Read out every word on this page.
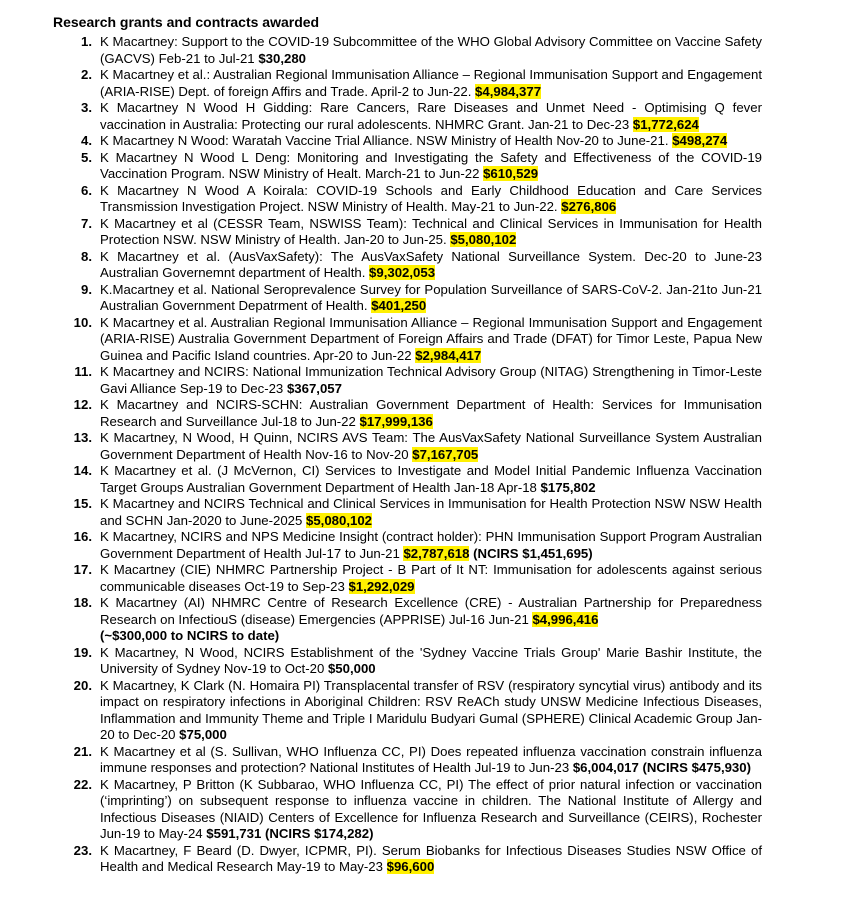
Research grants and contracts awarded
1. K Macartney: Support to the COVID-19 Subcommittee of the WHO Global Advisory Committee on Vaccine Safety (GACVS) Feb-21 to Jul-21 $30,280
2. K Macartney et al.: Australian Regional Immunisation Alliance – Regional Immunisation Support and Engagement (ARIA-RISE) Dept. of foreign Affirs and Trade. April-2 to Jun-22. $4,984,377
3. K Macartney N Wood H Gidding: Rare Cancers, Rare Diseases and Unmet Need - Optimising Q fever vaccination in Australia: Protecting our rural adolescents. NHMRC Grant. Jan-21 to Dec-23 $1,772,624
4. K Macartney N Wood: Waratah Vaccine Trial Alliance. NSW Ministry of Health Nov-20 to June-21. $498,274
5. K Macartney N Wood L Deng: Monitoring and Investigating the Safety and Effectiveness of the COVID-19 Vaccination Program. NSW Ministry of Healt. March-21 to Jun-22 $610,529
6. K Macartney N Wood A Koirala: COVID-19 Schools and Early Childhood Education and Care Services Transmission Investigation Project. NSW Ministry of Health. May-21 to Jun-22. $276,806
7. K Macartney et al (CESSR Team, NSWISS Team): Technical and Clinical Services in Immunisation for Health Protection NSW. NSW Ministry of Health. Jan-20 to Jun-25. $5,080,102
8. K Macartney et al. (AusVaxSafety): The AusVaxSafety National Surveillance System. Dec-20 to June-23 Australian Governemnt department of Health. $9,302,053
9. K.Macartney et al. National Seroprevalence Survey for Population Surveillance of SARS-CoV-2. Jan-21to Jun-21 Australian Government Depatrment of Health. $401,250
10. K Macartney et al. Australian Regional Immunisation Alliance – Regional Immunisation Support and Engagement (ARIA-RISE) Australia Government Department of Foreign Affairs and Trade (DFAT) for Timor Leste, Papua New Guinea and Pacific Island countries. Apr-20 to Jun-22 $2,984,417
11. K Macartney and NCIRS: National Immunization Technical Advisory Group (NITAG) Strengthening in Timor-Leste Gavi Alliance Sep-19 to Dec-23 $367,057
12. K Macartney and NCIRS-SCHN: Australian Government Department of Health: Services for Immunisation Research and Surveillance Jul-18 to Jun-22 $17,999,136
13. K Macartney, N Wood, H Quinn, NCIRS AVS Team: The AusVaxSafety National Surveillance System Australian Government Department of Health Nov-16 to Nov-20 $7,167,705
14. K Macartney et al. (J McVernon, CI) Services to Investigate and Model Initial Pandemic Influenza Vaccination Target Groups Australian Government Department of Health Jan-18 Apr-18 $175,802
15. K Macartney and NCIRS Technical and Clinical Services in Immunisation for Health Protection NSW NSW Health and SCHN Jan-2020 to June-2025 $5,080,102
16. K Macartney, NCIRS and NPS Medicine Insight (contract holder): PHN Immunisation Support Program Australian Government Department of Health Jul-17 to Jun-21 $2,787,618 (NCIRS $1,451,695)
17. K Macartney (CIE) NHMRC Partnership Project - B Part of It NT: Immunisation for adolescents against serious communicable diseases Oct-19 to Sep-23 $1,292,029
18. K Macartney (AI) NHMRC Centre of Research Excellence (CRE) - Australian Partnership for Preparedness Research on InfectiouS (disease) Emergencies (APPRISE) Jul-16 Jun-21 $4,996,416
(~$300,000 to NCIRS to date)
19. K Macartney, N Wood, NCIRS Establishment of the 'Sydney Vaccine Trials Group' Marie Bashir Institute, the University of Sydney Nov-19 to Oct-20 $50,000
20. K Macartney, K Clark (N. Homaira PI) Transplacental transfer of RSV (respiratory syncytial virus) antibody and its impact on respiratory infections in Aboriginal Children: RSV ReACh study UNSW Medicine Infectious Diseases, Inflammation and Immunity Theme and Triple I Maridulu Budyari Gumal (SPHERE) Clinical Academic Group Jan-20 to Dec-20 $75,000
21. K Macartney et al (S. Sullivan, WHO Influenza CC, PI) Does repeated influenza vaccination constrain influenza immune responses and protection? National Institutes of Health Jul-19 to Jun-23 $6,004,017 (NCIRS $475,930)
22. K Macartney, P Britton (K Subbarao, WHO Influenza CC, PI) The effect of prior natural infection or vaccination (‘imprinting’) on subsequent response to influenza vaccine in children. The National Institute of Allergy and Infectious Diseases (NIAID) Centers of Excellence for Influenza Research and Surveillance (CEIRS), Rochester Jun-19 to May-24 $591,731 (NCIRS $174,282)
23. K Macartney, F Beard (D. Dwyer, ICPMR, PI). Serum Biobanks for Infectious Diseases Studies NSW Office of Health and Medical Research May-19 to May-23 $96,600
